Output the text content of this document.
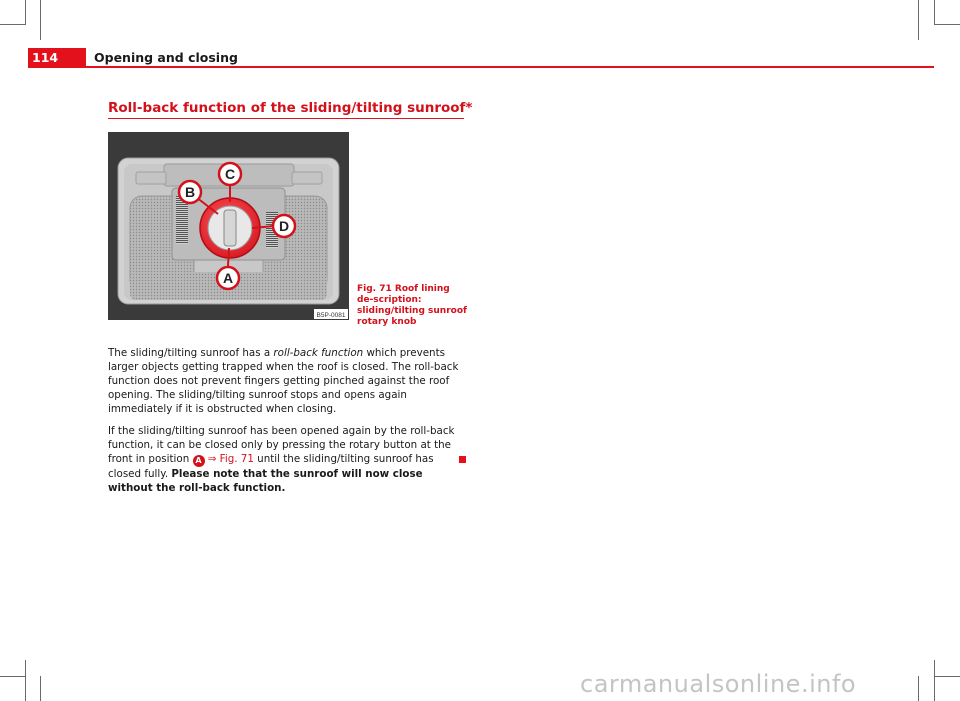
114	Opening and closing
Roll-back function of the sliding/tilting sunroof*
B
C
D
A
B5P-0081
Fig. 71 Roof lining de-scription: sliding/tilting sunroof rotary knob

The sliding/tilting sunroof has a roll-back function which prevents larger objects getting trapped when the roof is closed. The roll-back function does not prevent fingers getting pinched against the roof opening. The sliding/tilting sunroof stops and opens again immediately if it is obstructed when closing.

If the sliding/tilting sunroof has been opened again by the roll-back function, it can be closed only by pressing the rotary button at the front in position A ⇒ Fig. 71 until the sliding/tilting sunroof has closed fully. Please note that the sunroof will now close without the roll-back function.

carmanualsonline.info
